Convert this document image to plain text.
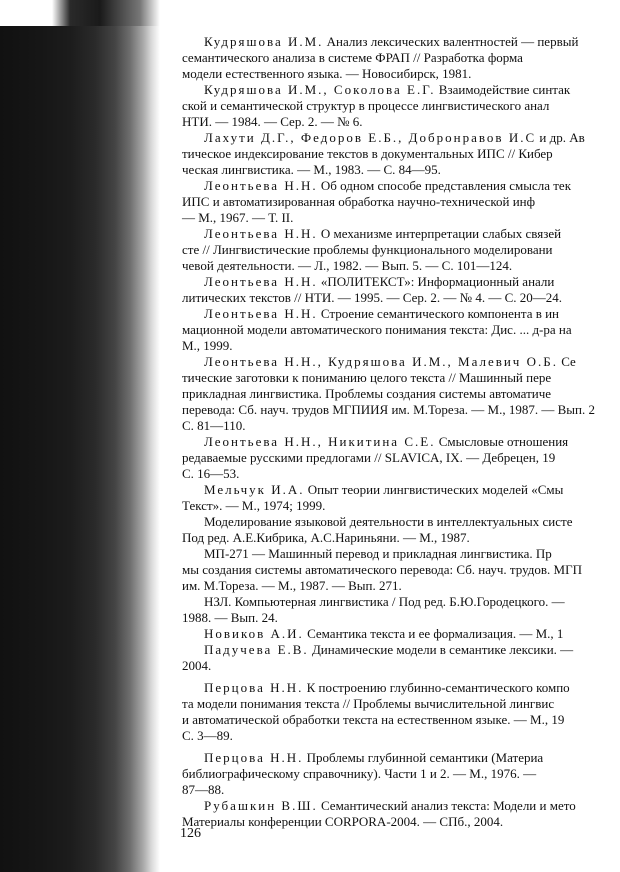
Кудряшова И.М. Анализ лексических валентностей — первый
семантического анализа в системе ФРАП // Разработка форма
модели естественного языка. — Новосибирск, 1981.

Кудряшова И.М., Соколова Е.Г. Взаимодействие синтак
ской и семантической структур в процессе лингвистического анал
НТИ. — 1984. — Сер. 2. — № 6.

Лахути Д.Г., Федоров Е.Б., Добронравов И.С и др. Ав
тическое индексирование текстов в документальных ИПС // Кибер
ческая лингвистика. — М., 1983. — С. 84—95.

Леонтьева Н.Н. Об одном способе представления смысла тек
ИПС и автоматизированная обработка научно-технической инф
— М., 1967. — Т. II.

Леонтьева Н.Н. О механизме интерпретации слабых связей
сте // Лингвистические проблемы функционального моделировани
чевой деятельности. — Л., 1982. — Вып. 5. — С. 101—124.

Леонтьева Н.Н. «ПОЛИТЕКСТ»: Информационный анали
литических текстов // НТИ. — 1995. — Сер. 2. — № 4. — С. 20—24.

Леонтьева Н.Н. Строение семантического компонента в ин
мационной модели автоматического понимания текста: Дис. ... д-ра на
М., 1999.

Леонтьева Н.Н., Кудряшова И.М., Малевич О.Б. Се
тические заготовки к пониманию целого текста // Машинный пере
прикладная лингвистика. Проблемы создания системы автоматиче
перевода: Сб. науч. трудов МГПИИЯ им. М.Тореза. — М., 1987. — Вып. 2
С. 81—110.

Леонтьева Н.Н., Никитина С.Е. Смысловые отношения
редаваемые русскими предлогами // SLAVICA, IX. — Дебрецен, 19
С. 16—53.

Мельчук И.А. Опыт теории лингвистических моделей «Смы
Текст». — М., 1974; 1999.

Моделирование языковой деятельности в интеллектуальных систе
Под ред. А.Е.Кибрика, А.С.Нариньяни. — М., 1987.

МП-271 — Машинный перевод и прикладная лингвистика. Пр
мы создания системы автоматического перевода: Сб. науч. трудов. МГП
им. М.Тореза. — М., 1987. — Вып. 271.

НЗЛ. Компьютерная лингвистика / Под ред. Б.Ю.Городецкого. —
1988. — Вып. 24.

Новиков А.И. Семантика текста и ее формализация. — М., 1

Падучева Е.В. Динамические модели в семантике лексики. —
2004.

Перцова Н.Н. К построению глубинно-семантического компо
та модели понимания текста // Проблемы вычислительной лингвис
и автоматической обработки текста на естественном языке. — М., 19
С. 3—89.

Перцова Н.Н. Проблемы глубинной семантики (Материа
библиографическому справочнику). Части 1 и 2. — М., 1976. —
87—88.

Рубашкин В.Ш. Семантический анализ текста: Модели и мето
Материалы конференции CORPORA-2004. — СПб., 2004.

126
